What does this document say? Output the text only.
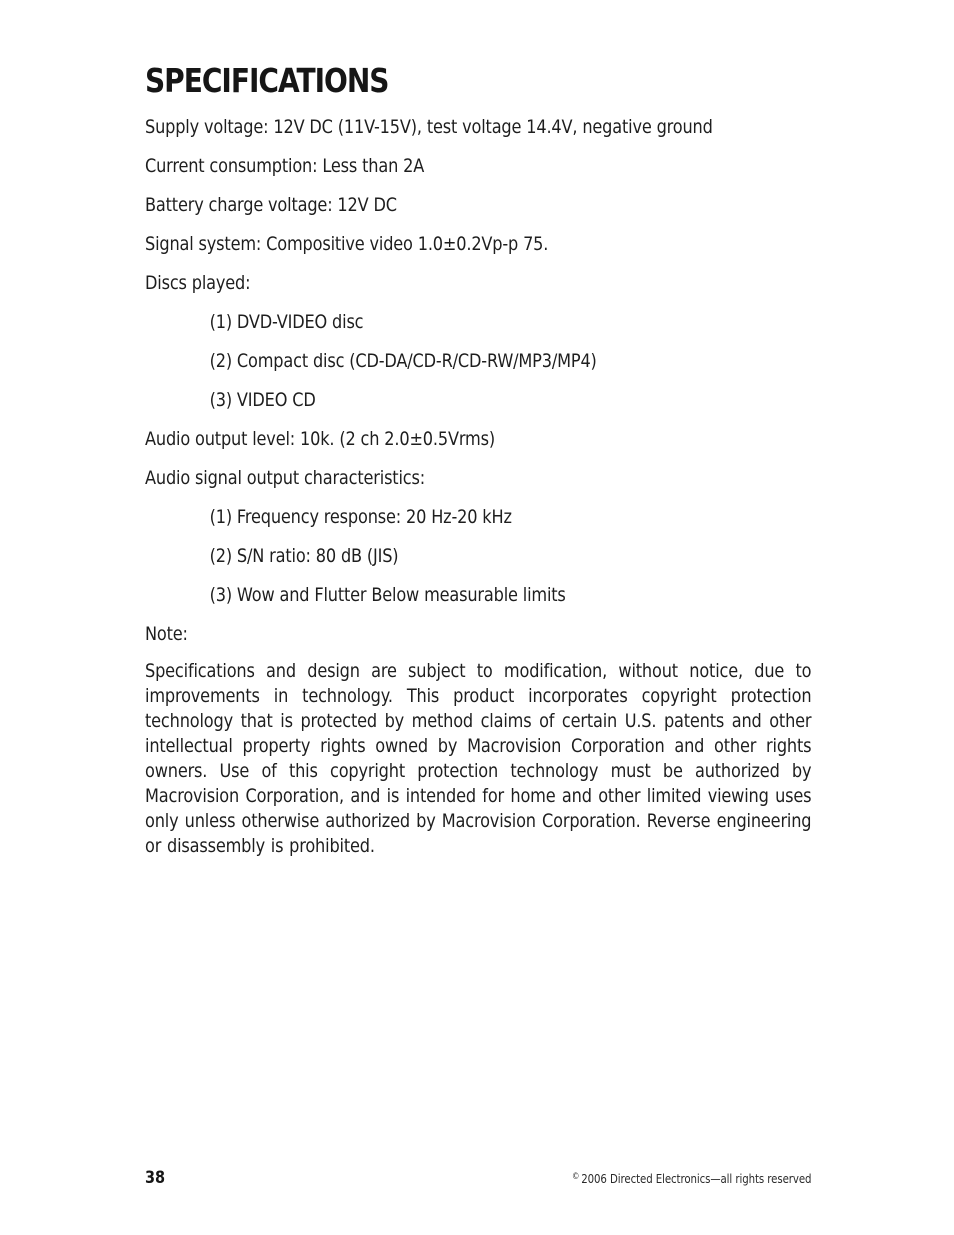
SPECIFICATIONS
Supply voltage: 12V DC (11V-15V), test voltage 14.4V, negative ground
Current consumption: Less than 2A
Battery charge voltage: 12V DC
Signal system: Compositive video 1.0±0.2Vp-p 75.
Discs played:
(1) DVD-VIDEO disc
(2) Compact disc (CD-DA/CD-R/CD-RW/MP3/MP4)
(3) VIDEO CD
Audio output level: 10k. (2 ch 2.0±0.5Vrms)
Audio signal output characteristics:
(1) Frequency response: 20 Hz-20 kHz
(2) S/N ratio: 80 dB (JIS)
(3) Wow and Flutter Below measurable limits
Note:

Specifications and design are subject to modification, without notice, due to improvements in technology. This product incorporates copyright protection technology that is protected by method claims of certain U.S. patents and other intellectual property rights owned by Macrovision Corporation and other rights owners. Use of this copyright protection technology must be authorized by Macrovision Corporation, and is intended for home and other limited viewing uses only unless otherwise authorized by Macrovision Corporation. Reverse engineering or disassembly is prohibited.

38	© 2006 Directed Electronics—all rights reserved
